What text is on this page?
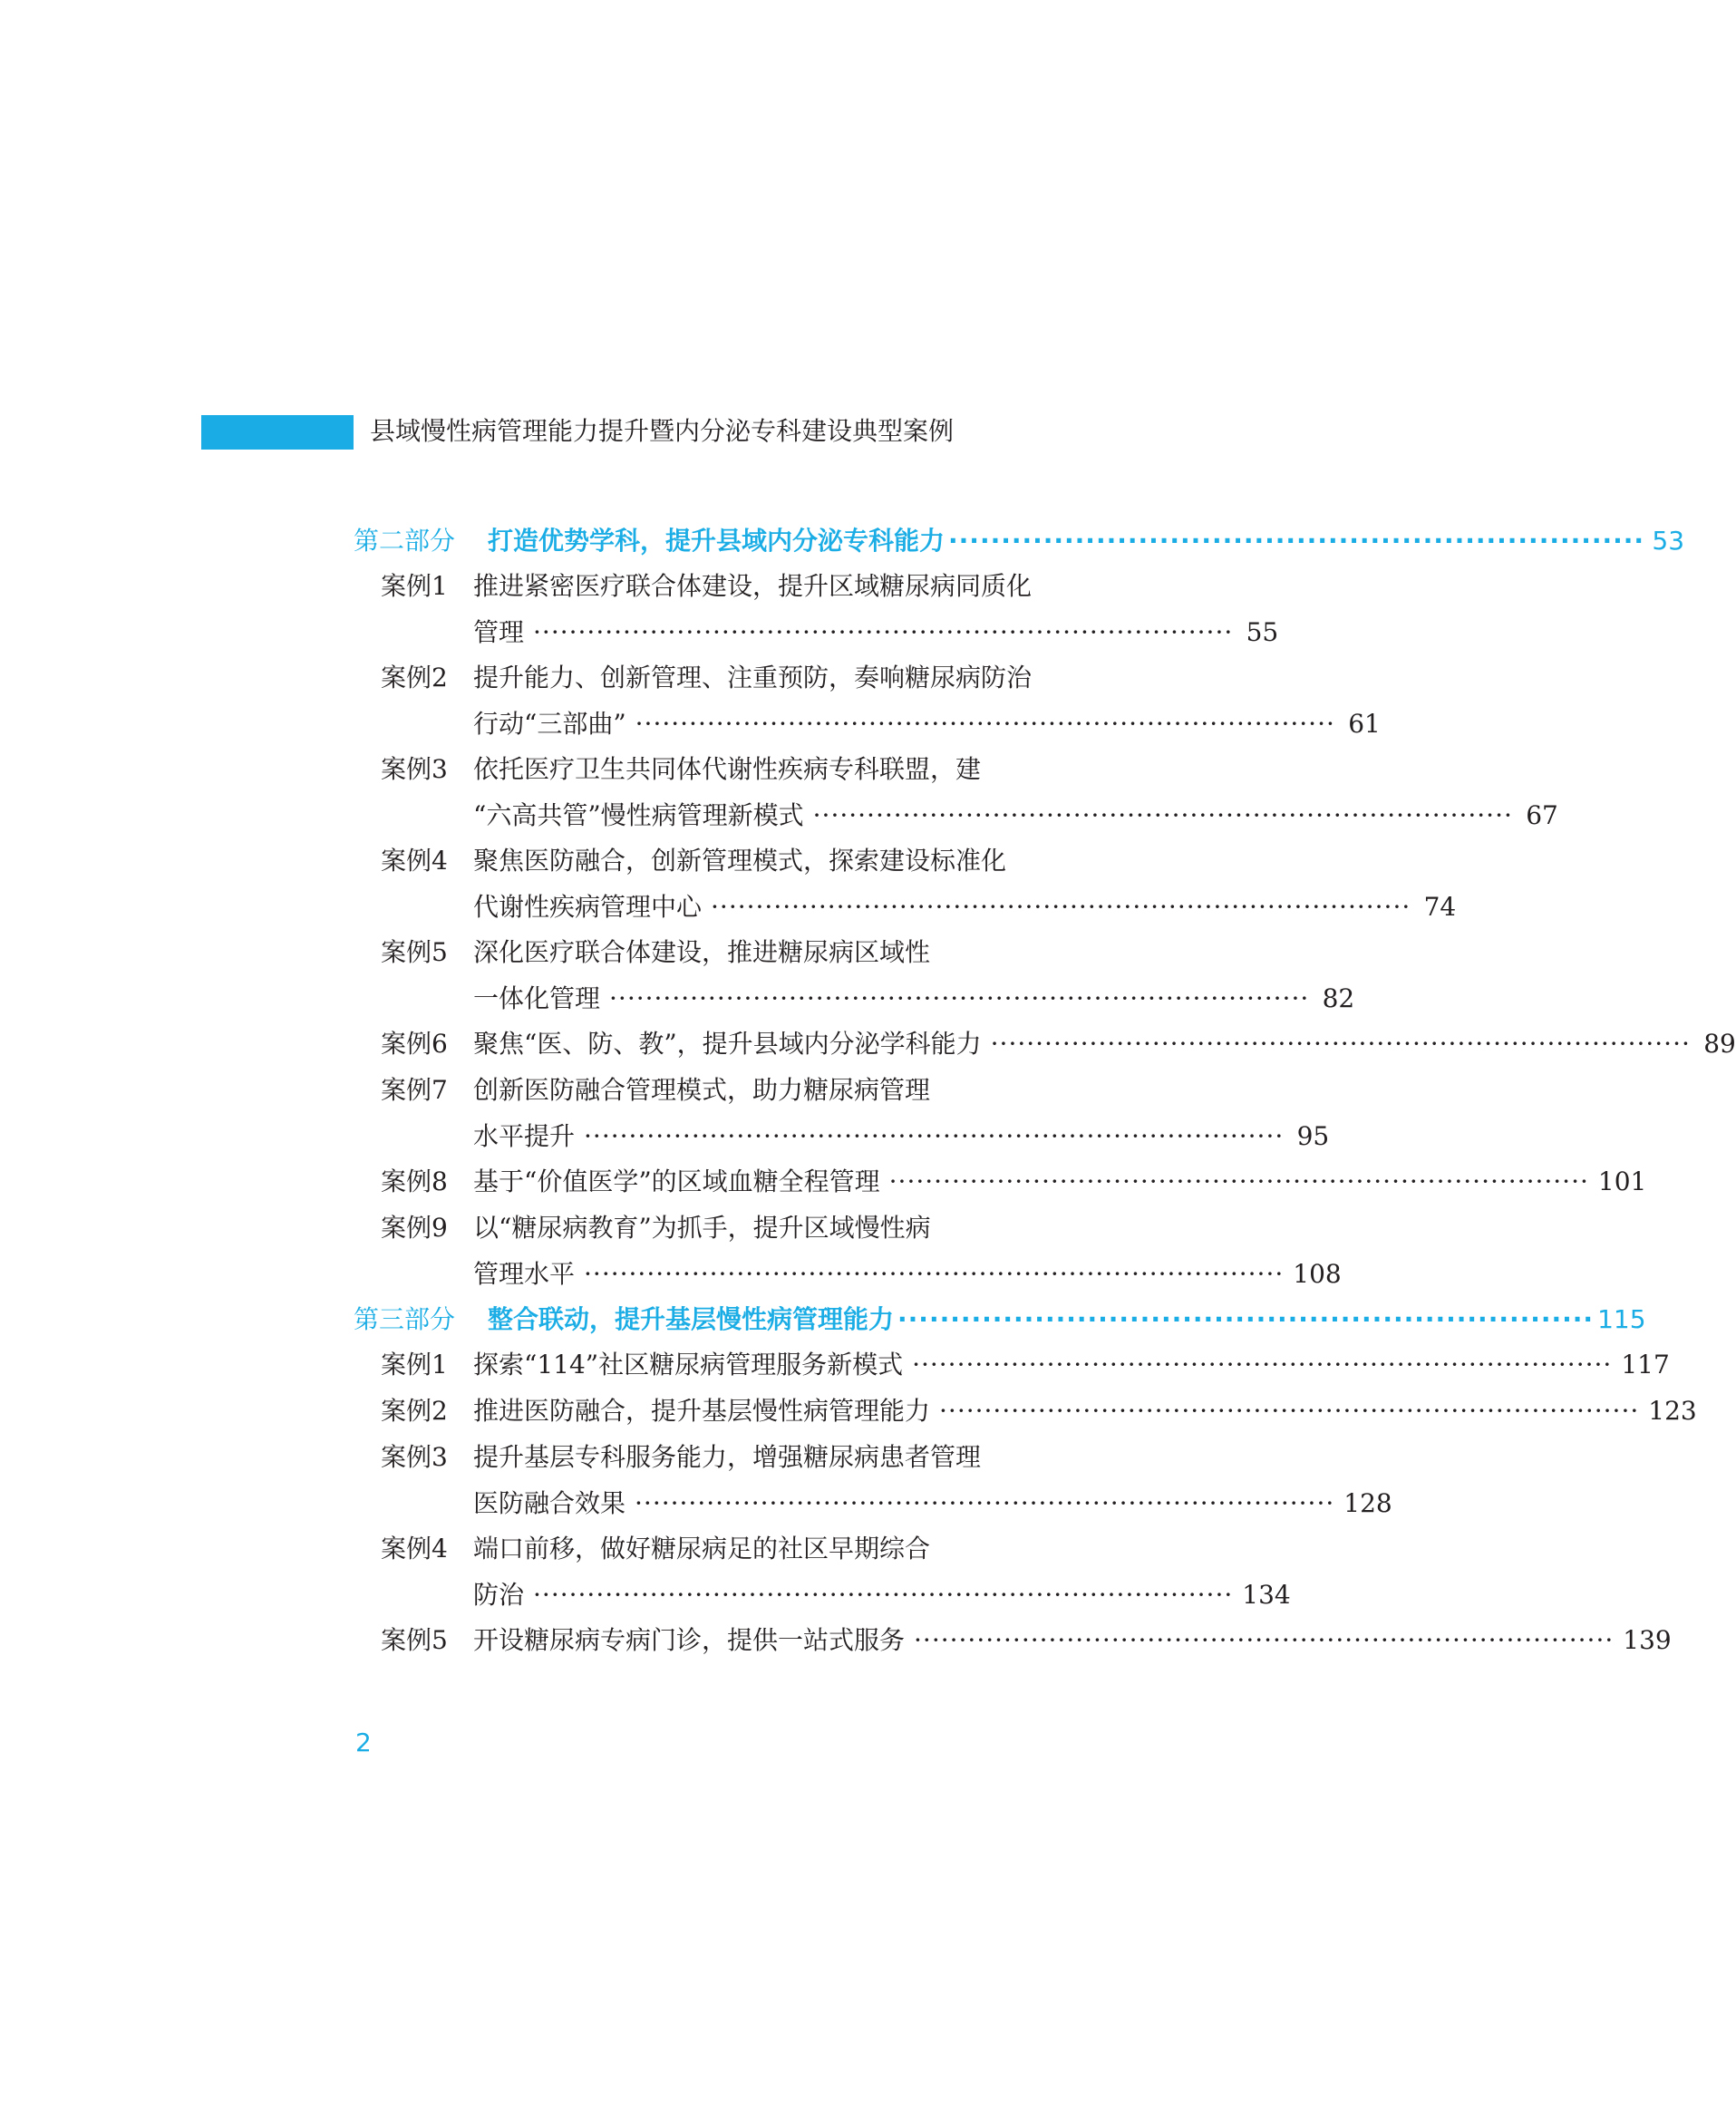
县域慢性病管理能力提升暨内分泌专科建设典型案例
第二部分 打造优势学科，提升县域内分泌专科能力 ·································································· 53
案例1 推进紧密医疗联合体建设，提升区域糖尿病同质化
管理 ·············································································· 55
案例2 提升能力、创新管理、注重预防，奏响糖尿病防治
行动“三部曲” ·············································································· 61
案例3 依托医疗卫生共同体代谢性疾病专科联盟，建
“六高共管”慢性病管理新模式 ·············································································· 67
案例4 聚焦医防融合，创新管理模式，探索建设标准化
代谢性疾病管理中心 ·············································································· 74
案例5 深化医疗联合体建设，推进糖尿病区域性
一体化管理 ·············································································· 82
案例6 聚焦“医、防、教”，提升县域内分泌学科能力 ·············································································· 89
案例7 创新医防融合管理模式，助力糖尿病管理
水平提升 ·············································································· 95
案例8 基于“价值医学”的区域血糖全程管理 ·············································································· 101
案例9 以“糖尿病教育”为抓手，提升区域慢性病
管理水平 ·············································································· 108
第三部分 整合联动，提升基层慢性病管理能力 ·································································· 115
案例1 探索“114”社区糖尿病管理服务新模式 ·············································································· 117
案例2 推进医防融合，提升基层慢性病管理能力 ·············································································· 123
案例3 提升基层专科服务能力，增强糖尿病患者管理
医防融合效果 ·············································································· 128
案例4 端口前移，做好糖尿病足的社区早期综合
防治 ·············································································· 134
案例5 开设糖尿病专病门诊，提供一站式服务 ·············································································· 139
2
